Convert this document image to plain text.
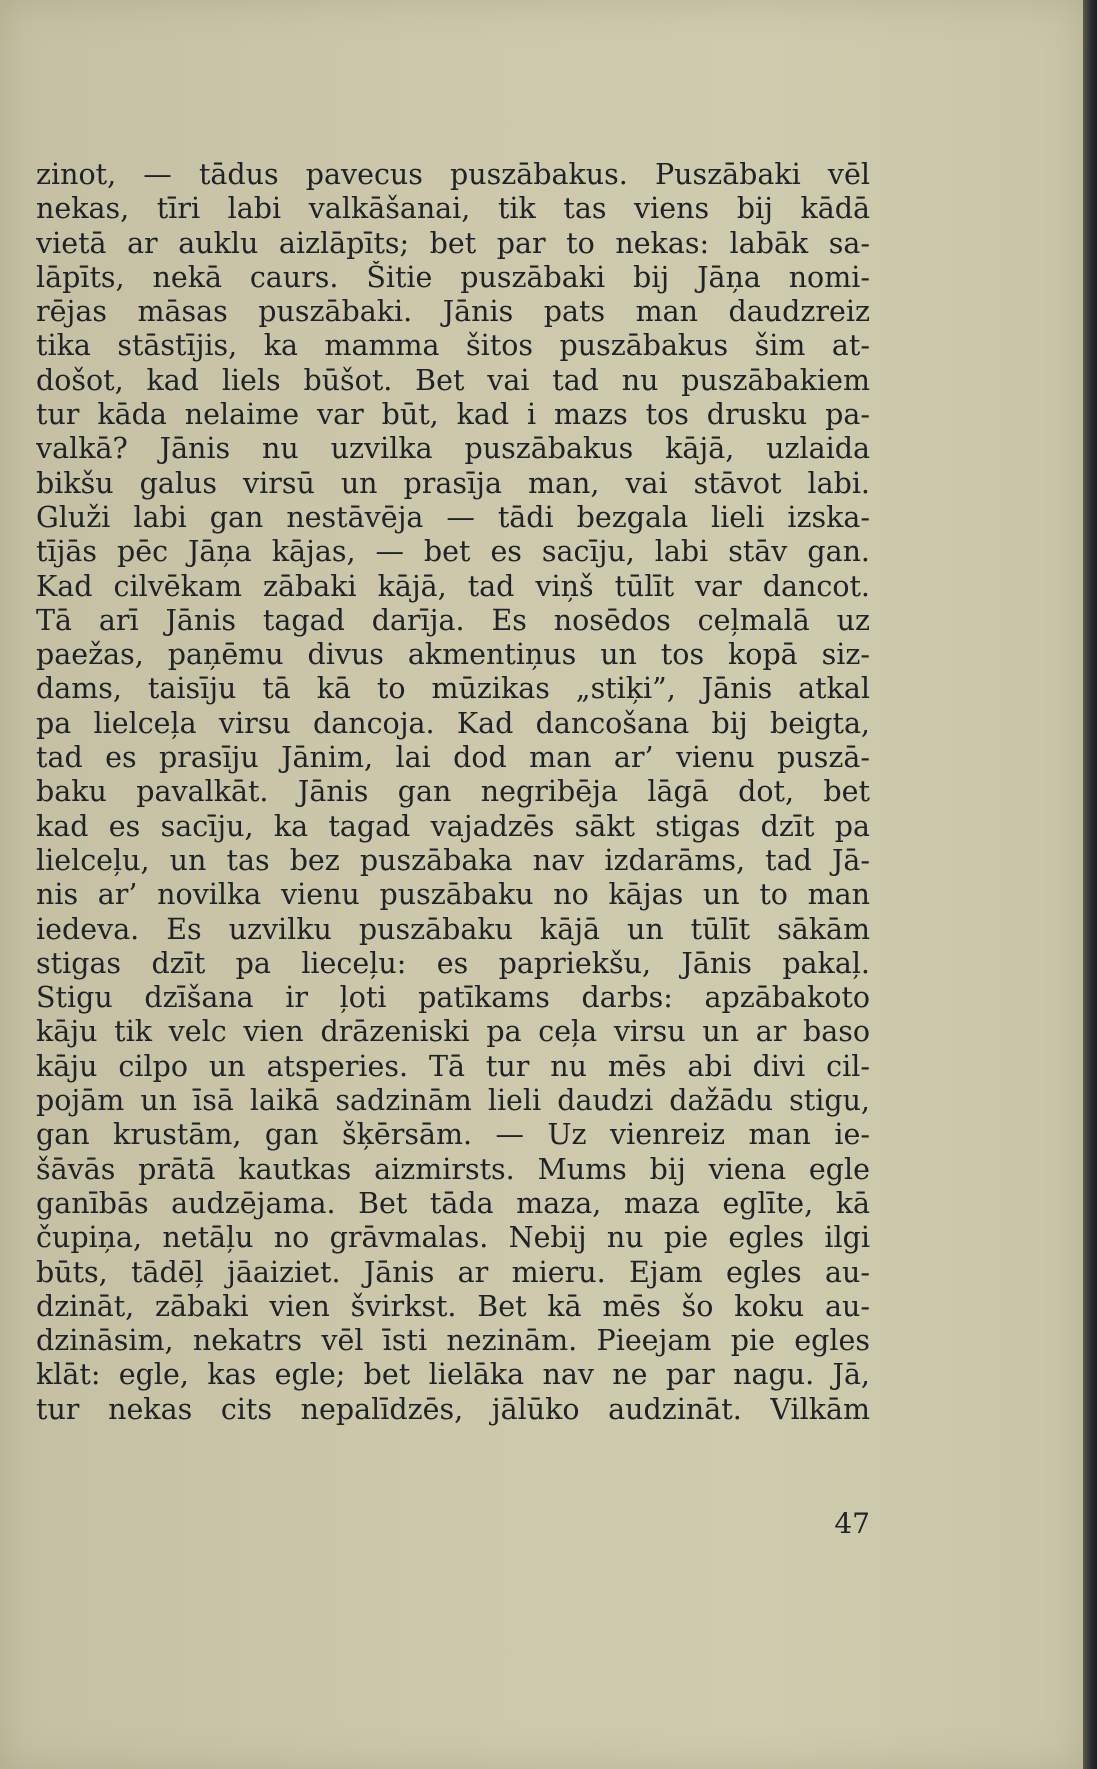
zinot, — tādus pavecus puszābakus. Puszābaki vēl
nekas, tīri labi valkāšanai, tik tas viens bij kādā
vietā ar auklu aizlāpīts; bet par to nekas: labāk sa-
lāpīts, nekā caurs. Šitie puszābaki bij Jāņa nomi-
rējas māsas puszābaki. Jānis pats man daudzreiz
tika stāstījis, ka mamma šitos puszābakus šim at-
došot, kad liels būšot. Bet vai tad nu puszābakiem
tur kāda nelaime var būt, kad i mazs tos drusku pa-
valkā? Jānis nu uzvilka puszābakus kājā, uzlaida
bikšu galus virsū un prasīja man, vai stāvot labi.
Gluži labi gan nestāvēja — tādi bezgala lieli izska-
tījās pēc Jāņa kājas, — bet es sacīju, labi stāv gan.
Kad cilvēkam zābaki kājā, tad viņš tūlīt var dancot.
Tā arī Jānis tagad darīja. Es nosēdos ceļmalā uz
paežas, paņēmu divus akmentiņus un tos kopā siz-
dams, taisīju tā kā to mūzikas „stiķi”, Jānis atkal
pa lielceļa virsu dancoja. Kad dancošana bij beigta,
tad es prasīju Jānim, lai dod man ar’ vienu puszā-
baku pavalkāt. Jānis gan negribēja lāgā dot, bet
kad es sacīju, ka tagad vajadzēs sākt stigas dzīt pa
lielceļu, un tas bez puszābaka nav izdarāms, tad Jā-
nis ar’ novilka vienu puszābaku no kājas un to man
iedeva. Es uzvilku puszābaku kājā un tūlīt sākām
stigas dzīt pa lieceļu: es papriekšu, Jānis pakaļ.
Stigu dzīšana ir ļoti patīkams darbs: apzābakoto
kāju tik velc vien drāzeniski pa ceļa virsu un ar baso
kāju cilpo un atsperies. Tā tur nu mēs abi divi cil-
pojām un īsā laikā sadzinām lieli daudzi dažādu stigu,
gan krustām, gan šķērsām. — Uz vienreiz man ie-
šāvās prātā kautkas aizmirsts. Mums bij viena egle
ganībās audzējama. Bet tāda maza, maza eglīte, kā
čupiņa, netāļu no grāvmalas. Nebij nu pie egles ilgi
būts, tādēļ jāaiziet. Jānis ar mieru. Ejam egles au-
dzināt, zābaki vien švirkst. Bet kā mēs šo koku au-
dzināsim, nekatrs vēl īsti nezinām. Pieejam pie egles
klāt: egle, kas egle; bet lielāka nav ne par nagu. Jā,
tur nekas cits nepalīdzēs, jālūko audzināt. Vilkām
47
